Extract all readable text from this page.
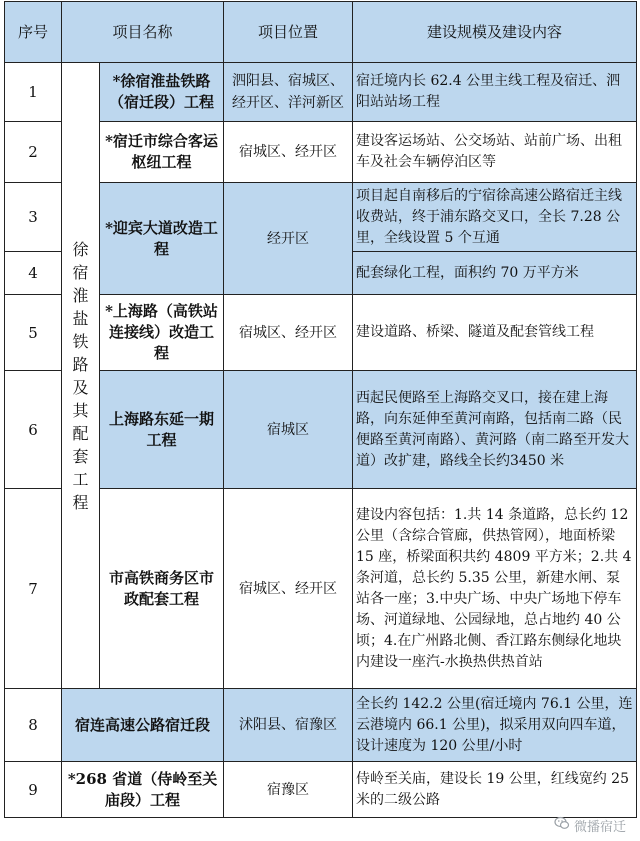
序号	项目名称		项目位置	建设规模及建设内容
1	徐宿淮盐铁路及其配套工程	*徐宿淮盐铁路（宿迁段）工程	泗阳县、宿城区、经开区、洋河新区	宿迁境内长 62.4 公里主线工程及宿迁、泗阳站站场工程
2		*宿迁市综合客运枢纽工程	宿城区、经开区	建设客运场站、公交场站、站前广场、出租车及社会车辆停泊区等
3		*迎宾大道改造工程	经开区	项目起自南移后的宁宿徐高速公路宿迁主线收费站，终于浦东路交叉口，全长 7.28 公里，全线设置 5 个互通
4				配套绿化工程，面积约 70 万平方米
5		*上海路（高铁站连接线）改造工程	宿城区、经开区	建设道路、桥梁、隧道及配套管线工程
6		上海路东延一期工程	宿城区	西起民便路至上海路交叉口，接在建上海路，向东延伸至黄河南路，包括南二路（民便路至黄河南路）、黄河路（南二路至开发大道）改扩建，路线全长约3450 米
7		市高铁商务区市政配套工程	宿城区、经开区	建设内容包括：1.共 14 条道路，总长约 12 公里（含综合管廊，供热管网），地面桥梁 15 座，桥梁面积共约 4809 平方米；2.共 4 条河道，总长约 5.35 公里，新建水闸、泵站各一座；3.中央广场、中央广场地下停车场、河道绿地、公园绿地，总占地约 40 公顷；4.在广州路北侧、香江路东侧绿化地块内建设一座汽-水换热供热首站
8	宿连高速公路宿迁段		沭阳县、宿豫区	全长约 142.2 公里(宿迁境内 76.1 公里，连云港境内 66.1 公里)，拟采用双向四车道，设计速度为 120 公里/小时
9	*268 省道（侍岭至关庙段）工程		宿豫区	侍岭至关庙，建设长 19 公里，红线宽约 25 米的二级公路
微播宿迁
